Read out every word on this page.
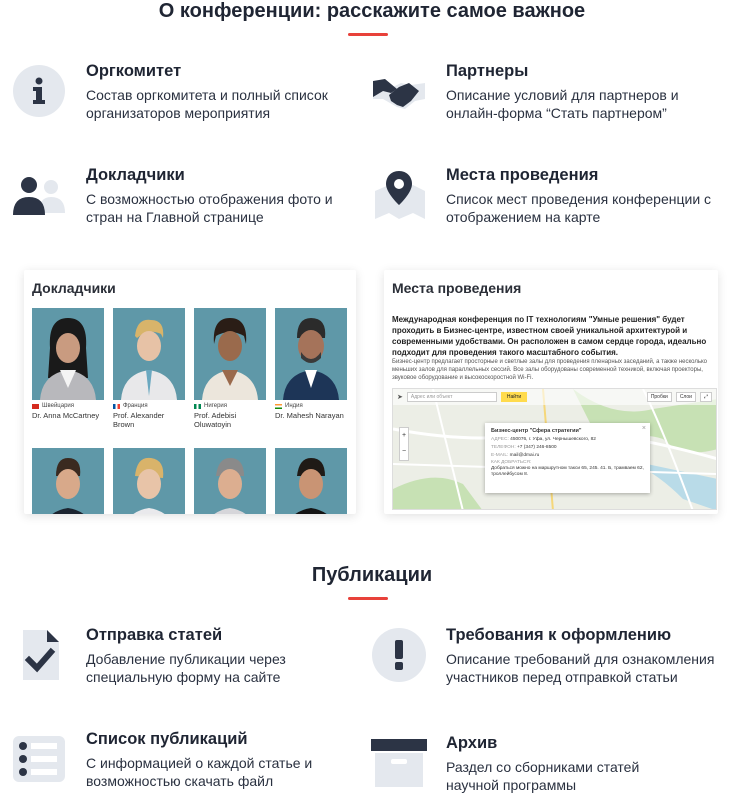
О конференции: расскажите самое важное
Оргкомитет
Состав оргкомитета и полный список организаторов мероприятия
Партнеры
Описание условий для партнеров и онлайн-форма “Стать партнером”
Докладчики
С возможностью отображения фото и стран на Главной странице
Места проведения
Список мест проведения конференции с отображением на карте
Докладчики
Швейцария
Dr. Anna McCartney
Франция
Prof. Alexander Brown
Нигерия
Prof. Adebisi Oluwatoyin
Индия
Dr. Mahesh Narayan
Места проведения
Международная конференция по IT технологиям "Умные решения" будет проходить в Бизнес-центре, известном своей уникальной архитектурой и современными удобствами. Он расположен в самом сердце города, идеально подходит для проведения такого масштабного события.
Бизнес-центр предлагает просторные и светлые залы для проведения пленарных заседаний, а также несколько меньших залов для параллельных сессий. Все залы оборудованы современной техникой, включая проекторы, звуковое оборудование и высокоскоростной Wi-Fi.
➤	Адрес или объект	Найти	Пробки	Слои	⤢
+
−
Бизнес-центр "Сфера стратегии"
АДРЕС: 450076, г. Уфа, ул. Чернышевского, 82
ТЕЛЕФОН: +7 (347) 246-8500
E-MAIL: mail@dmai.ru
КАК ДОБРАТЬСЯ:
Добраться можно на маршрутном такси 65, 245. 41. Б, трамваем 62, троллейбусом 8.
×
Публикации
Отправка статей
Добавление публикации через специальную форму на сайте
Требования к оформлению
Описание требований для ознакомления участников перед отправкой статьи
Список публикаций
С информацией о каждой статье и возможностью скачать файл
Архив
Раздел со сборниками статей научной программы
